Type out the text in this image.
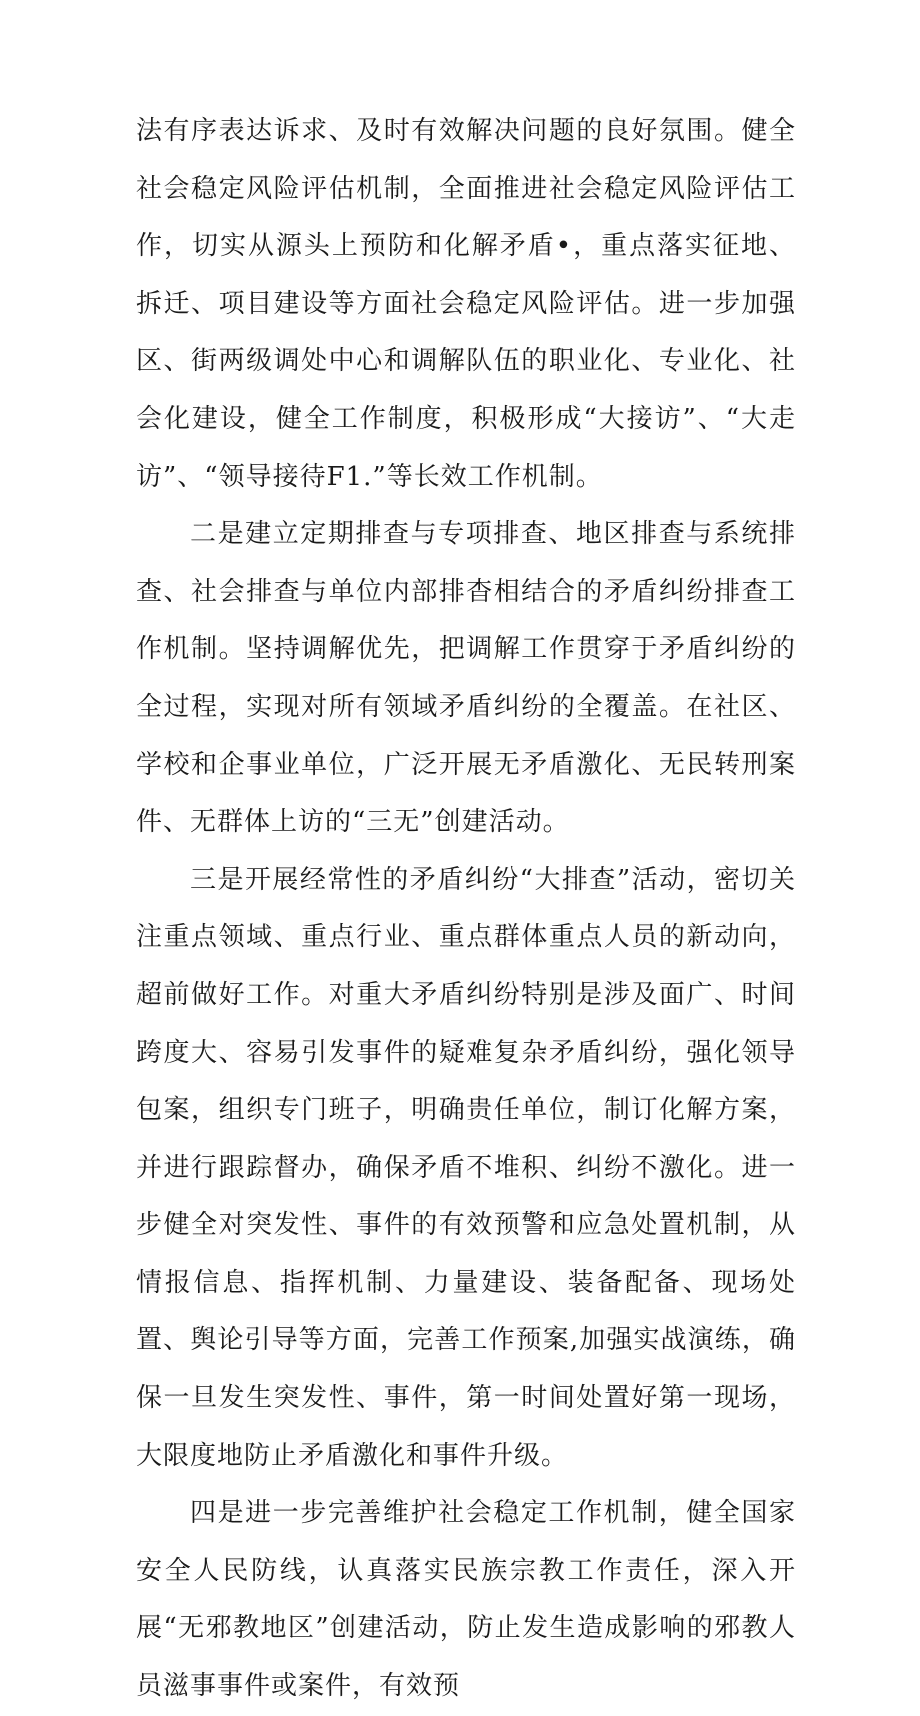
法有序表达诉求、及时有效解决问题的良好氛围。健全社会稳定风险评估机制，全面推进社会稳定风险评估工作，切实从源头上预防和化解矛盾•，重点落实征地、拆迁、项目建设等方面社会稳定风险评估。进一步加强区、街两级调处中心和调解队伍的职业化、专业化、社会化建设，健全工作制度，积极形成“大接访”、“大走访”、“领导接待F1.”等长效工作机制。

二是建立定期排查与专项排查、地区排查与系统排查、社会排查与单位内部排杳相结合的矛盾纠纷排查工作机制。坚持调解优先，把调解工作贯穿于矛盾纠纷的全过程，实现对所有领域矛盾纠纷的全覆盖。在社区、学校和企事业单位，广泛开展无矛盾激化、无民转刑案件、无群体上访的“三无”创建活动。

三是开展经常性的矛盾纠纷“大排查”活动，密切关注重点领域、重点行业、重点群体重点人员的新动向，超前做好工作。对重大矛盾纠纷特别是涉及面广、时间跨度大、容易引发事件的疑难复杂矛盾纠纷，强化领导包案，组织专门班子，明确贵任单位，制订化解方案，并进行跟踪督办，确保矛盾不堆积、纠纷不激化。进一步健全对突发性、事件的有效预警和应急处置机制，从情报信息、指挥机制、力量建设、装备配备、现场处置、舆论引导等方面，完善工作预案,加强实战演练，确保一旦发生突发性、事件，第一时间处置好第一现场，大限度地防止矛盾激化和事件升级。

四是进一步完善维护社会稳定工作机制，健全国家安全人民防线，认真落实民族宗教工作责任，深入开展“无邪教地区”创建活动，防止发生造成影响的邪教人员滋事事件或案件，有效预
